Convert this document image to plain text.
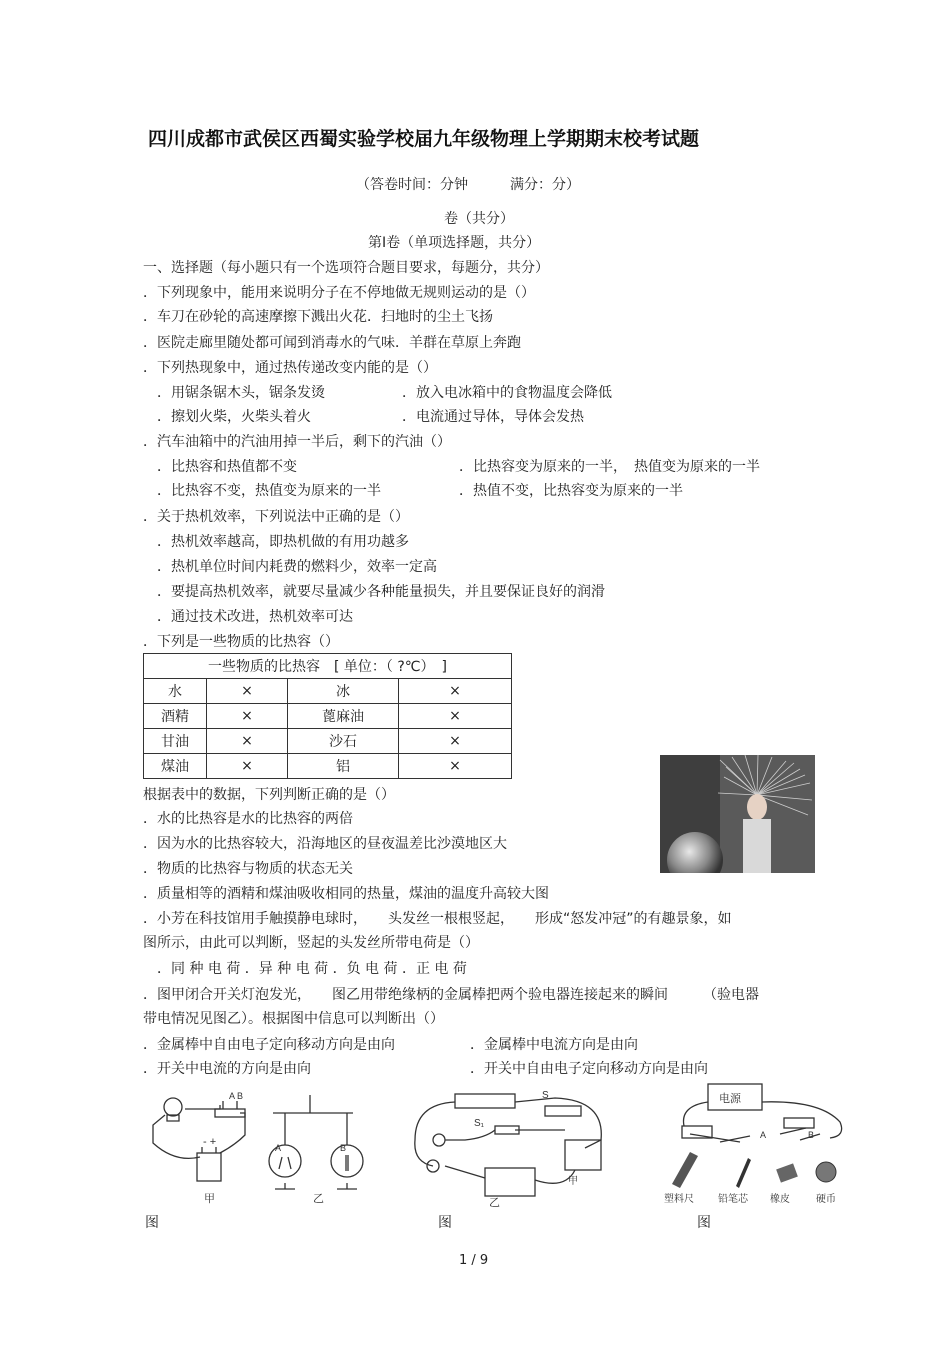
四川成都市武侯区西蜀实验学校届九年级物理上学期期末校考试题
（答卷时间：分钟　　　满分：分）
卷（共分）
第Ⅰ卷（单项选择题，共分）
一、选择题（每小题只有一个选项符合题目要求，每题分，共分）
．下列现象中，能用来说明分子在不停地做无规则运动的是（）
．车刀在砂轮的高速摩擦下溅出火花．扫地时的尘土飞扬
．医院走廊里随处都可闻到消毒水的气味．羊群在草原上奔跑
．下列热现象中，通过热传递改变内能的是（）
．用锯条锯木头，锯条发烫	．放入电冰箱中的食物温度会降低
．擦划火柴，火柴头着火	．电流通过导体，导体会发热
．汽车油箱中的汽油用掉一半后，剩下的汽油（）
．比热容和热值都不变	．比热容变为原来的一半，　热值变为原来的一半
．比热容不变，热值变为原来的一半	．热值不变，比热容变为原来的一半
．关于热机效率，下列说法中正确的是（）
．热机效率越高，即热机做的有用功越多
．热机单位时间内耗费的燃料少，效率一定高
．要提高热机效率，就要尽量减少各种能量损失，并且要保证良好的润滑
．通过技术改进，热机效率可达
．下列是一些物质的比热容（）
一些物质的比热容　[ 单位：（ ?℃）　]			
水	×	冰	×
酒精	×	蓖麻油	×
甘油	×	沙石	×
煤油	×	铝	×
根据表中的数据，下列判断正确的是（）
．水的比热容是水的比热容的两倍
．因为水的比热容较大，沿海地区的昼夜温差比沙漠地区大
．物质的比热容与物质的状态无关
．质量相等的酒精和煤油吸收相同的热量，煤油的温度升高较大图
．小芳在科技馆用手触摸静电球时，　　头发丝一根根竖起，　　形成“怒发冲冠”的有趣景象，如
图所示，由此可以判断，竖起的头发丝所带电荷是（）
．同 种 电 荷 ．异 种 电 荷 ．负 电 荷 ．正 电 荷
．图甲闭合开关灯泡发光，　　图乙用带绝缘柄的金属棒把两个验电器连接起来的瞬间　　　（验电器
带电情况见图乙）。根据图中信息可以判断出（）
．金属棒中自由电子定向移动方向是由向	．金属棒中电流方向是由向
．开关中电流的方向是由向	．开关中自由电子定向移动方向是由向
A B
- +	A	B
甲	乙
S
S₁
甲
乙
电源
A	B
塑料尺 铅笔芯 橡皮	硬币
图	图	图
1 / 9
